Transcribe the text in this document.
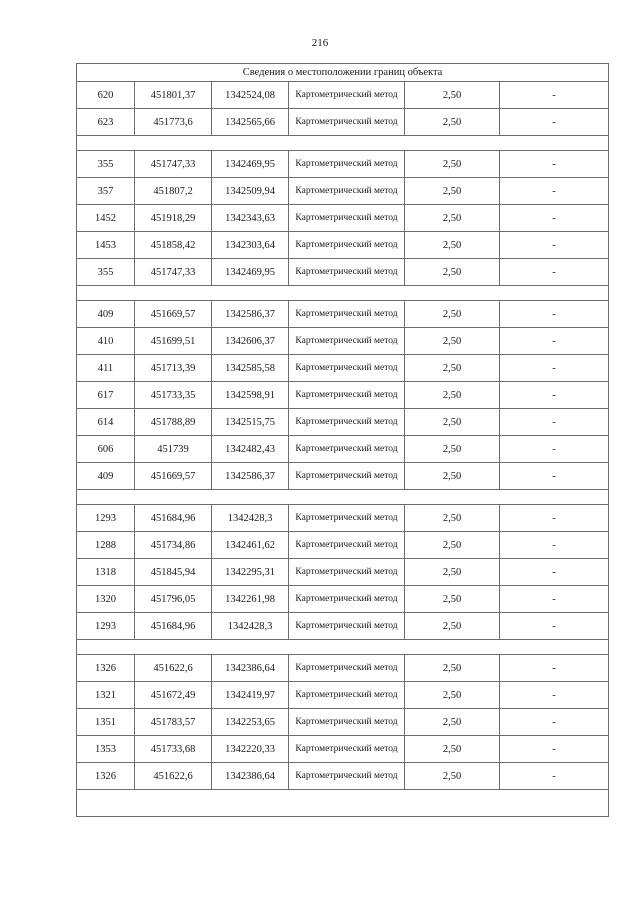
216
Сведения о местоположении границ объекта					
620	451801,37	1342524,08	Картометрический метод	2,50	-
623	451773,6	1342565,66	Картометрический метод	2,50	-

355	451747,33	1342469,95	Картометрический метод	2,50	-
357	451807,2	1342509,94	Картометрический метод	2,50	-
1452	451918,29	1342343,63	Картометрический метод	2,50	-
1453	451858,42	1342303,64	Картометрический метод	2,50	-
355	451747,33	1342469,95	Картометрический метод	2,50	-

409	451669,57	1342586,37	Картометрический метод	2,50	-
410	451699,51	1342606,37	Картометрический метод	2,50	-
411	451713,39	1342585,58	Картометрический метод	2,50	-
617	451733,35	1342598,91	Картометрический метод	2,50	-
614	451788,89	1342515,75	Картометрический метод	2,50	-
606	451739	1342482,43	Картометрический метод	2,50	-
409	451669,57	1342586,37	Картометрический метод	2,50	-

1293	451684,96	1342428,3	Картометрический метод	2,50	-
1288	451734,86	1342461,62	Картометрический метод	2,50	-
1318	451845,94	1342295,31	Картометрический метод	2,50	-
1320	451796,05	1342261,98	Картометрический метод	2,50	-
1293	451684,96	1342428,3	Картометрический метод	2,50	-

1326	451622,6	1342386,64	Картометрический метод	2,50	-
1321	451672,49	1342419,97	Картометрический метод	2,50	-
1351	451783,57	1342253,65	Картометрический метод	2,50	-
1353	451733,68	1342220,33	Картометрический метод	2,50	-
1326	451622,6	1342386,64	Картометрический метод	2,50	-
